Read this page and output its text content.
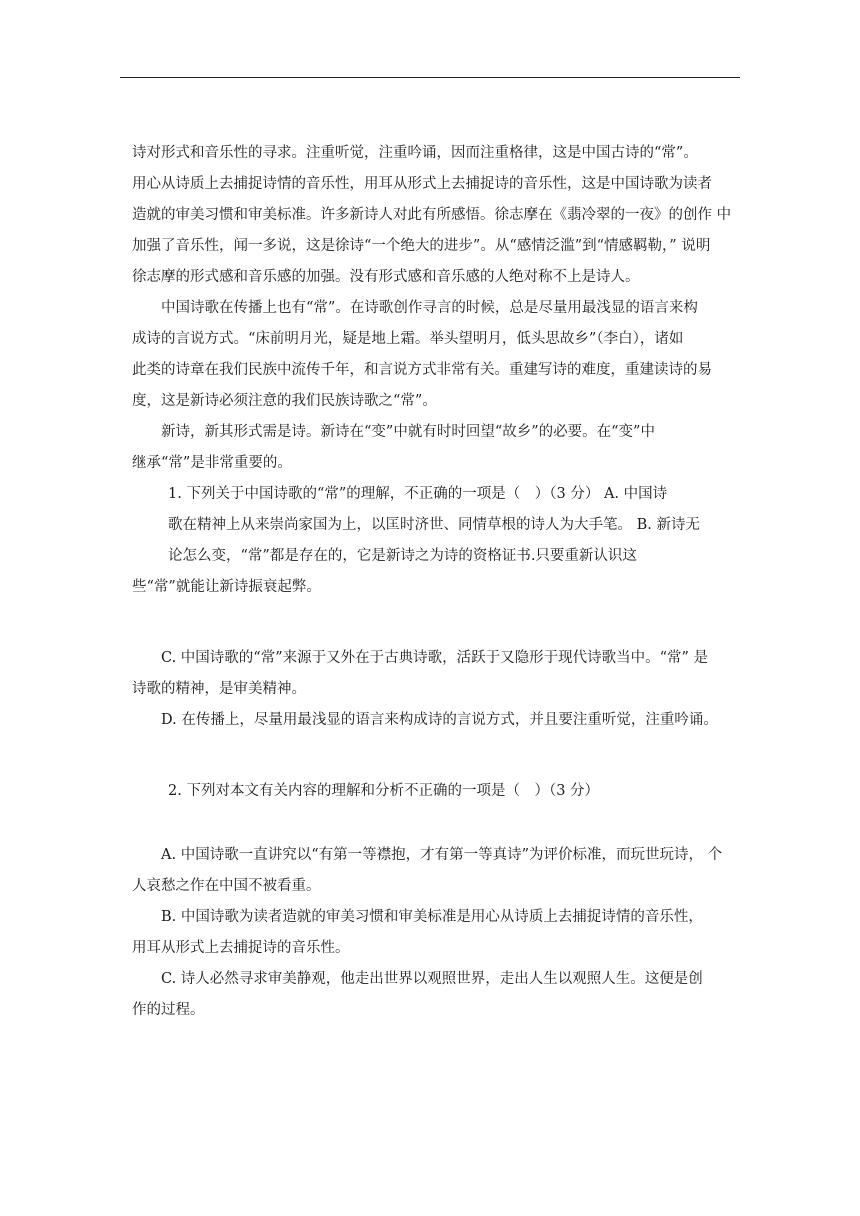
诗对形式和音乐性的寻求。注重听觉，注重吟诵，因而注重格律，这是中国古诗的“常”。
用心从诗质上去捕捉诗情的音乐性，用耳从形式上去捕捉诗的音乐性，这是中国诗歌为读者
造就的审美习惯和审美标准。许多新诗人对此有所感悟。徐志摩在《翡冷翠的一夜》的创作 中
加强了音乐性，闻一多说，这是徐诗“一个绝大的进步”。从“感情泛滥”到“情感羁勒，” 说明
徐志摩的形式感和音乐感的加强。没有形式感和音乐感的人绝对称不上是诗人。
中国诗歌在传播上也有“常”。在诗歌创作寻言的时候，总是尽量用最浅显的语言来构
成诗的言说方式。“床前明月光，疑是地上霜。举头望明月，低头思故乡”（李白），诸如
此类的诗章在我们民族中流传千年，和言说方式非常有关。重建写诗的难度，重建读诗的易
度，这是新诗必须注意的我们民族诗歌之“常”。
新诗，新其形式需是诗。新诗在“变”中就有时时回望“故乡”的必要。在“变”中
继承“常”是非常重要的。
1. 下列关于中国诗歌的“常”的理解，不正确的一项是（　）（3 分） A. 中国诗
歌在精神上从来崇尚家国为上，以匡时济世、同情草根的诗人为大手笔。 B. 新诗无
论怎么变，“常”都是存在的，它是新诗之为诗的资格证书.只要重新认识这
些“常”就能让新诗振衰起弊。
C. 中国诗歌的“常”来源于又外在于古典诗歌，活跃于又隐形于现代诗歌当中。“常” 是
诗歌的精神，是审美精神。
D. 在传播上，尽量用最浅显的语言来构成诗的言说方式，并且要注重听觉，注重吟诵。
2. 下列对本文有关内容的理解和分析不正确的一项是（　）（3 分）
A. 中国诗歌一直讲究以“有第一等襟抱，才有第一等真诗”为评价标准，而玩世玩诗， 个
人哀愁之作在中国不被看重。
B. 中国诗歌为读者造就的审美习惯和审美标准是用心从诗质上去捕捉诗情的音乐性，
用耳从形式上去捕捉诗的音乐性。
C. 诗人必然寻求审美静观，他走出世界以观照世界，走出人生以观照人生。这便是创
作的过程。
